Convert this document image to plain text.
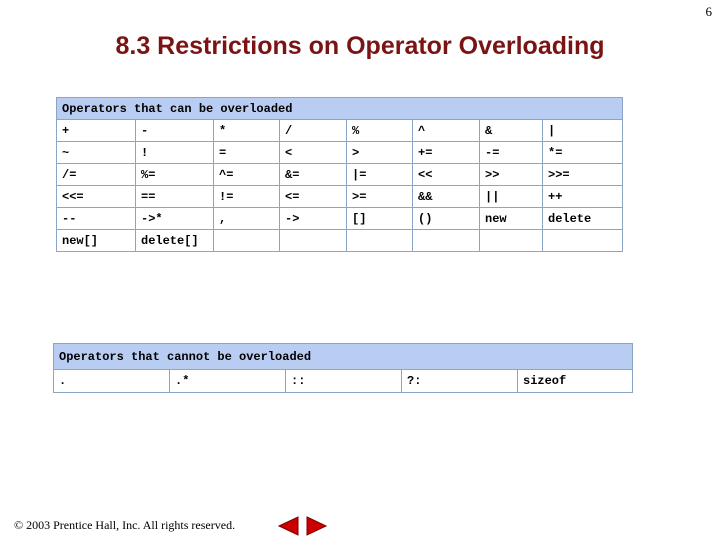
6
8.3 Restrictions on Operator Overloading
Operators that can be overloaded							
+	-	*	/	%	^	&	|
~	!	=	<	>	+=	-=	*=
/=	%=	^=	&=	|=	<<	>>	>>=
<<=	==	!=	<=	>=	&&	||	++
--	->*	,	->	[]	()	new	delete
new[]	delete[]						
Operators that cannot be overloaded
.	.*	::	?:	sizeof
© 2003 Prentice Hall, Inc. All rights reserved.
